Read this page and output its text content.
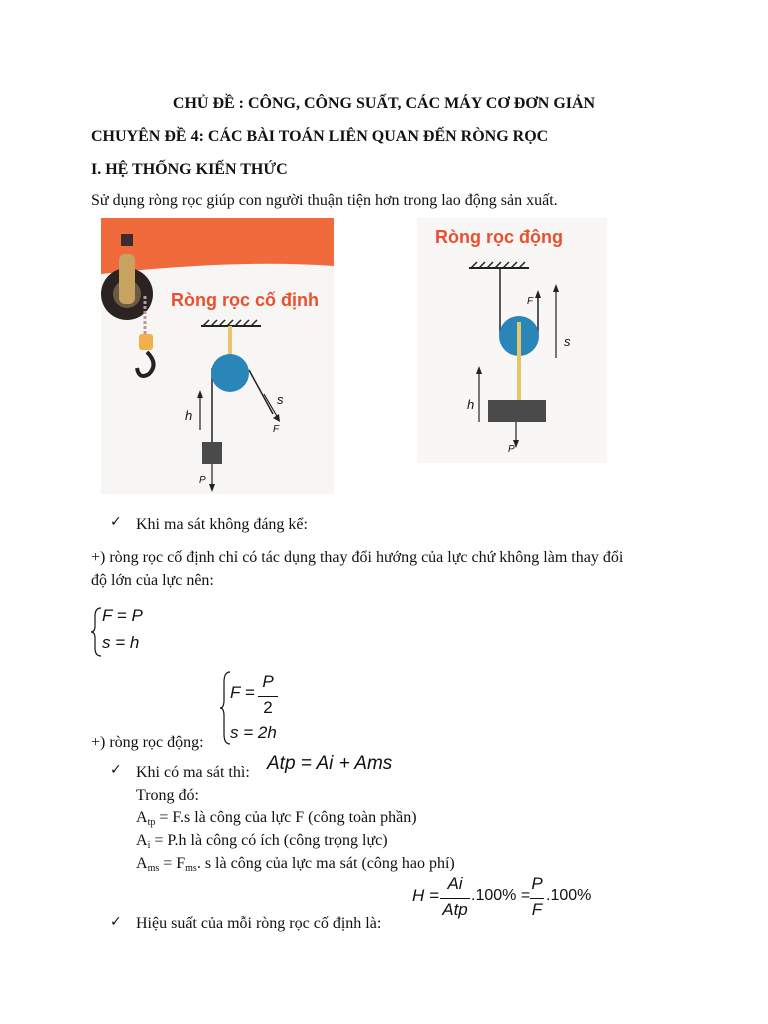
CHỦ ĐỀ : CÔNG, CÔNG SUẤT, CÁC MÁY CƠ ĐƠN GIẢN
CHUYÊN ĐỀ 4: CÁC BÀI TOÁN LIÊN QUAN ĐẾN RÒNG RỌC
I. HỆ THỐNG KIẾN THỨC
Sử dụng ròng rọc giúp con người thuận tiện hơn trong lao động sản xuất.
Ròng rọc cố định
h
s
F
P
Ròng rọc động
s
h
F
P
✓ Khi ma sát không đáng kể:
+) ròng rọc cố định chỉ có tác dụng thay đổi hướng của lực chứ không làm thay đổi
độ lớn của lực nên:
F = P
s = h
F =
P
2
s = 2h
+) ròng rọc động:
✓ Khi có ma sát thì: Atp = Ai + Ams
Trong đó:
$A_{tp} = F.s$ là công của lực F (công toàn phần)
$A_i = P.h$ là công có ích (công trọng lực)
$A_{ms} = F_{ms}$. s là công của lực ma sát (công hao phí)
H =
Ai
Atp
.100% =
P
F
.100%
✓ Hiệu suất của mỗi ròng rọc cố định là:
